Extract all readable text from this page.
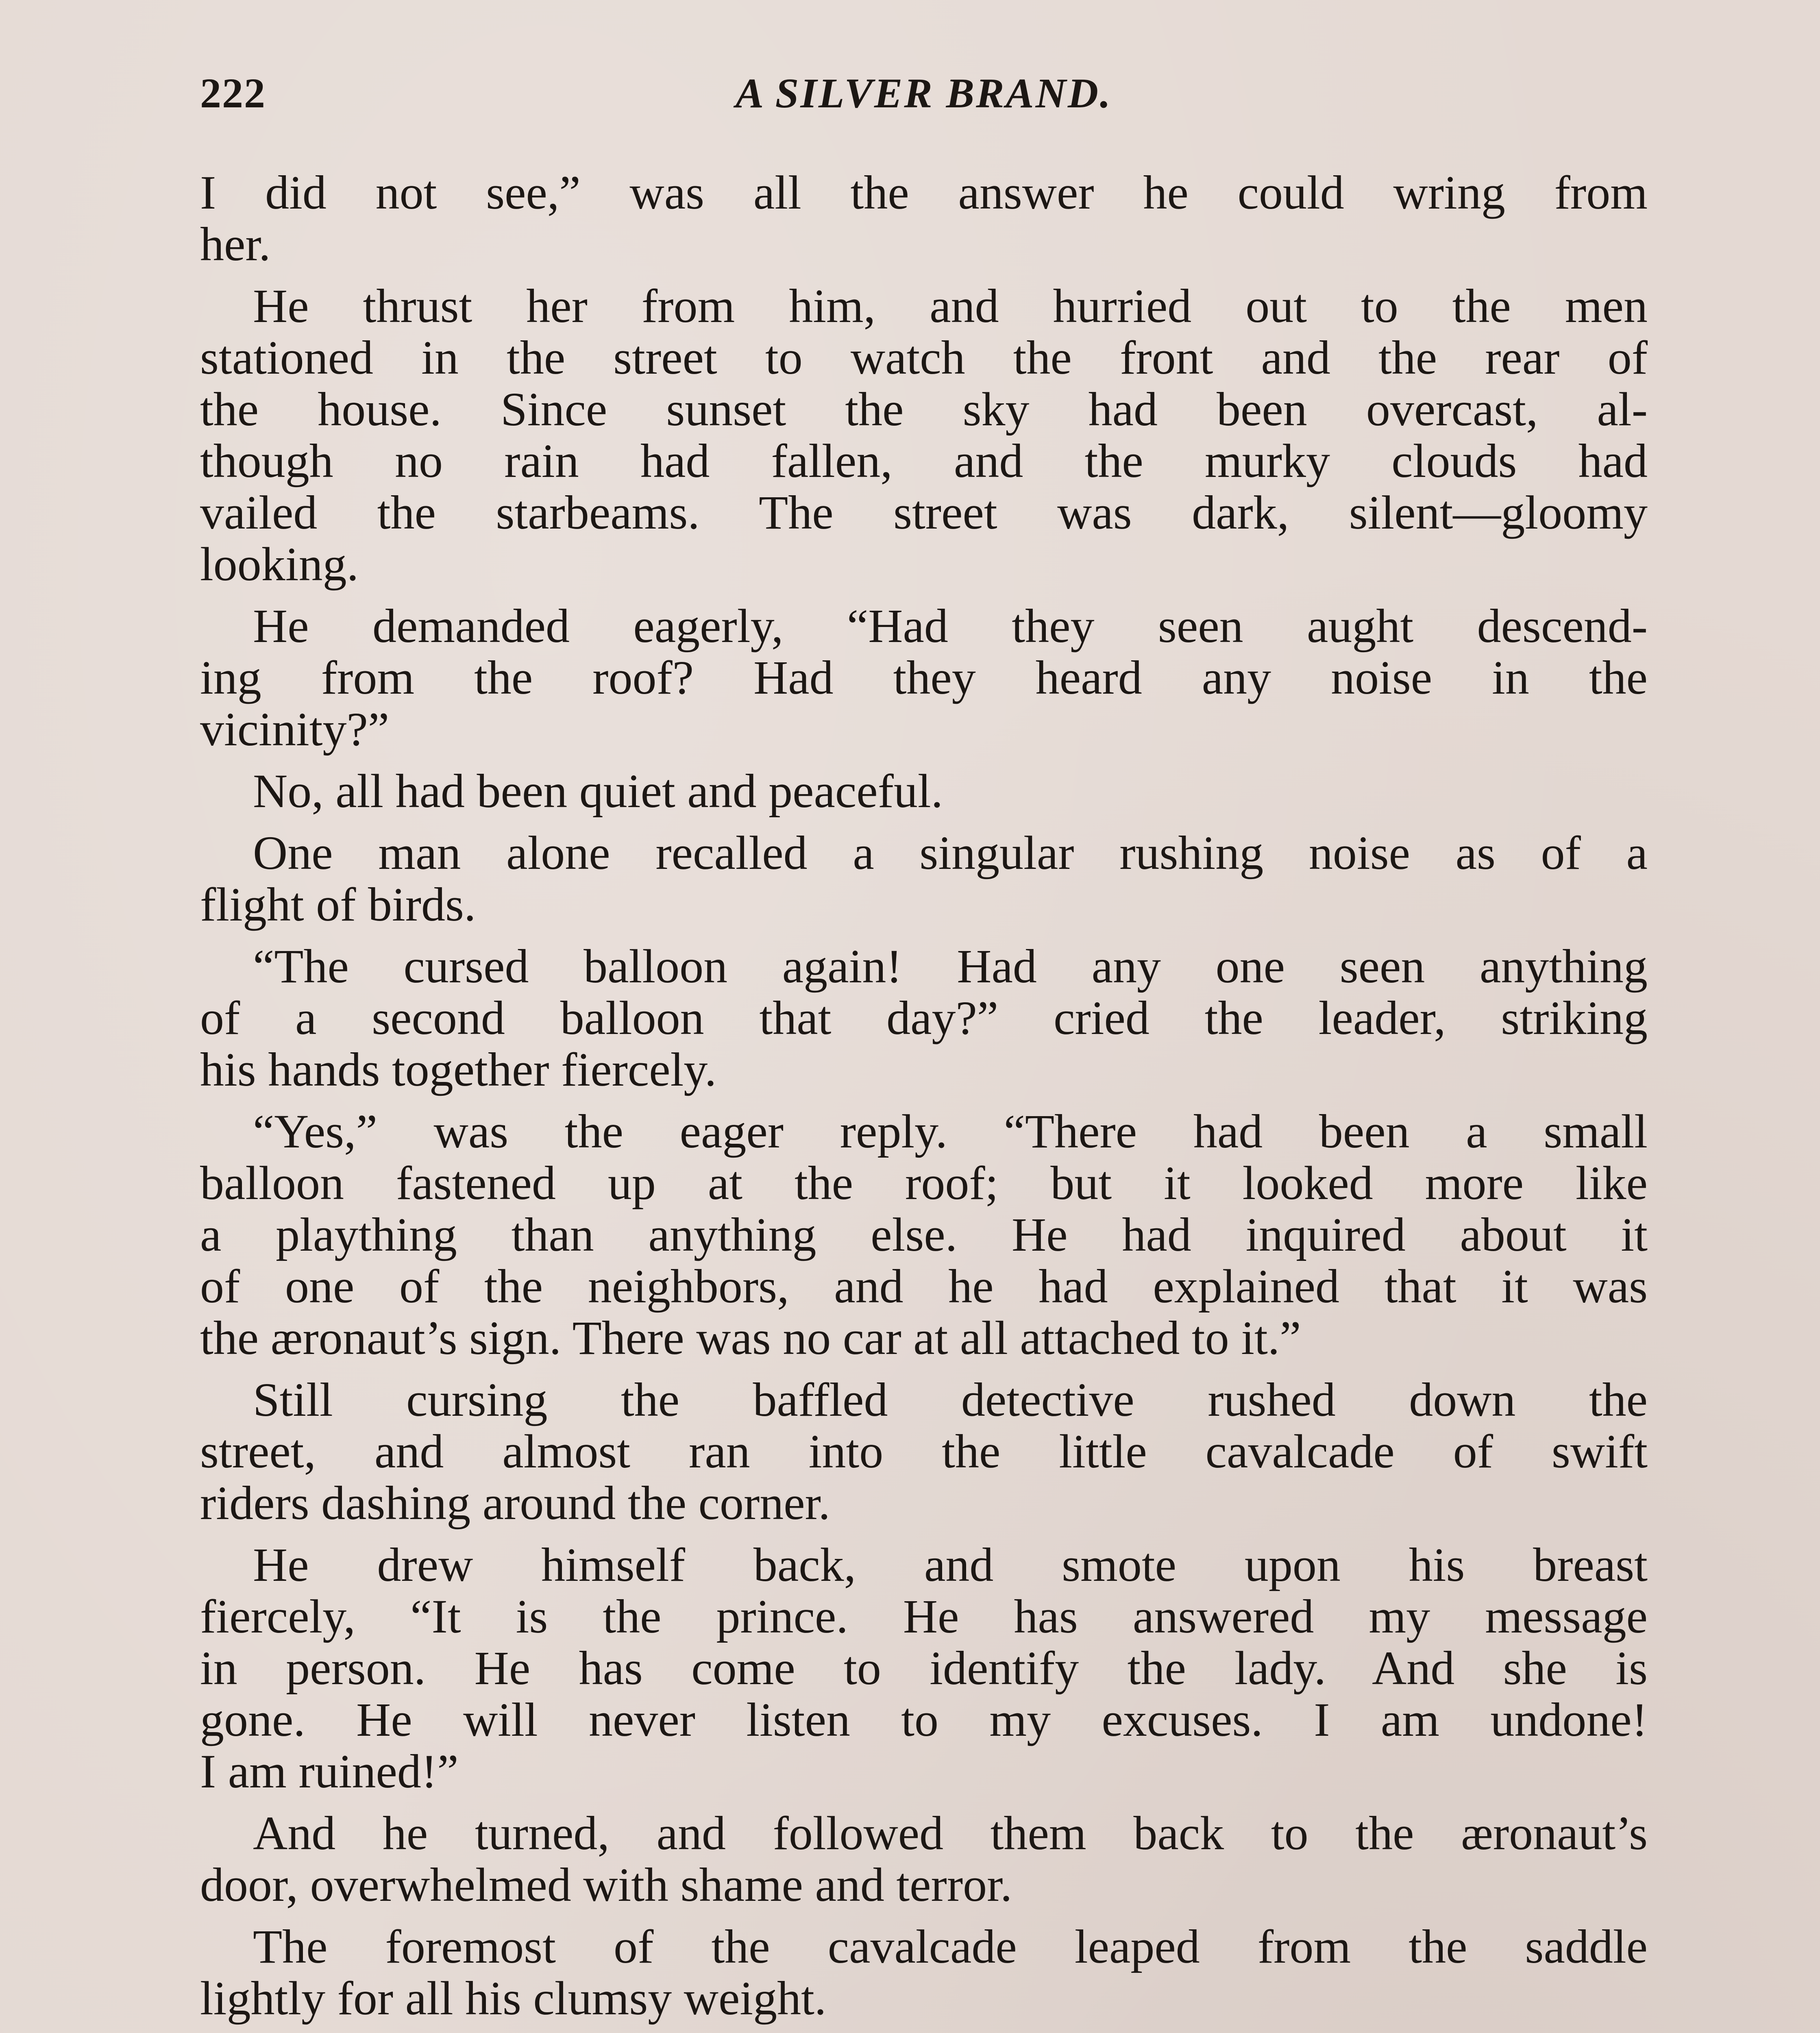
222	A SILVER BRAND.
I did not see,” was all the answer he could wring from
her.
He thrust her from him, and hurried out to the men
stationed in the street to watch the front and the rear of
the house. Since sunset the sky had been overcast, al-
though no rain had fallen, and the murky clouds had
vailed the starbeams. The street was dark, silent—gloomy
looking.
He demanded eagerly, “Had they seen aught descend-
ing from the roof? Had they heard any noise in the
vicinity?”
No, all had been quiet and peaceful.
One man alone recalled a singular rushing noise as of a
flight of birds.
“The cursed balloon again! Had any one seen anything
of a second balloon that day?” cried the leader, striking
his hands together fiercely.
“Yes,” was the eager reply. “There had been a small
balloon fastened up at the roof; but it looked more like
a plaything than anything else. He had inquired about it
of one of the neighbors, and he had explained that it was
the æronaut’s sign. There was no car at all attached to it.”
Still cursing the baffled detective rushed down the
street, and almost ran into the little cavalcade of swift
riders dashing around the corner.
He drew himself back, and smote upon his breast
fiercely, “It is the prince. He has answered my message
in person. He has come to identify the lady. And she is
gone. He will never listen to my excuses. I am undone!
I am ruined!”
And he turned, and followed them back to the æronaut’s
door, overwhelmed with shame and terror.
The foremost of the cavalcade leaped from the saddle
lightly for all his clumsy weight.
